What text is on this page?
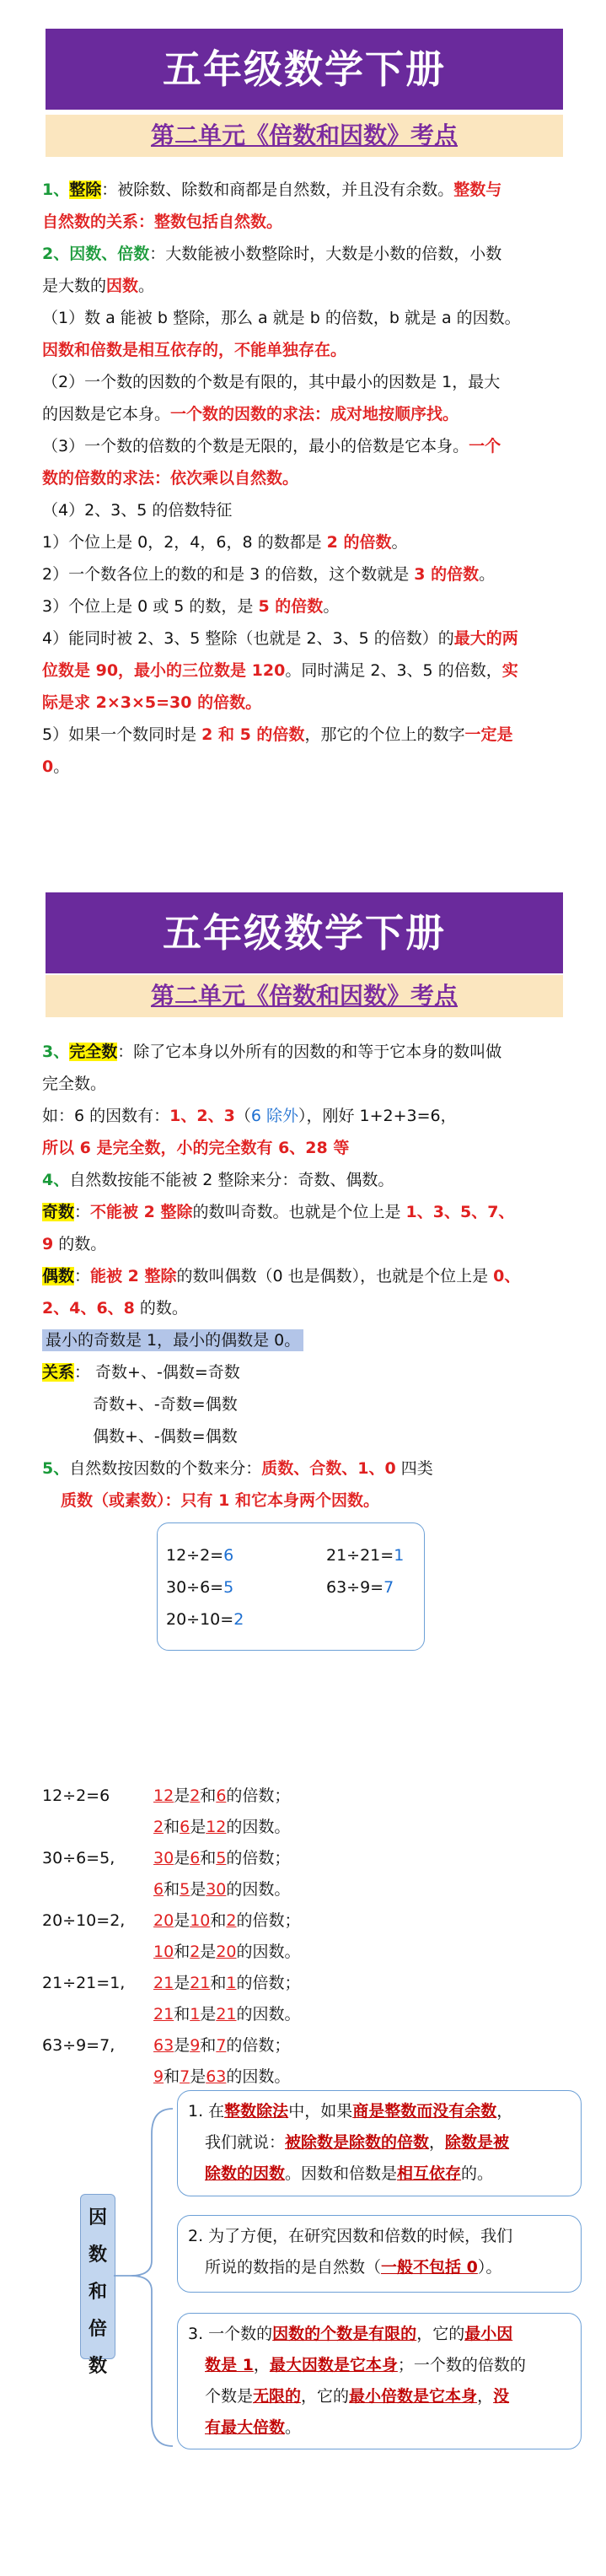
五年级数学下册
第二单元《倍数和因数》考点
1、整除：被除数、除数和商都是自然数，并且没有余数。整数与
自然数的关系：整数包括自然数。
2、因数、倍数：大数能被小数整除时，大数是小数的倍数，小数
是大数的因数。
（1）数 a 能被 b 整除，那么 a 就是 b 的倍数，b 就是 a 的因数。
因数和倍数是相互依存的，不能单独存在。
（2）一个数的因数的个数是有限的，其中最小的因数是 1，最大
的因数是它本身。一个数的因数的求法：成对地按顺序找。
（3）一个数的倍数的个数是无限的，最小的倍数是它本身。一个
数的倍数的求法：依次乘以自然数。
（4）2、3、5 的倍数特征
1）个位上是 0，2，4，6，8 的数都是 2 的倍数。
2）一个数各位上的数的和是 3 的倍数，这个数就是 3 的倍数。
3）个位上是 0 或 5 的数，是 5 的倍数。
4）能同时被 2、3、5 整除（也就是 2、3、5 的倍数）的最大的两
位数是 90，最小的三位数是 120。同时满足 2、3、5 的倍数，实
际是求 2×3×5=30 的倍数。
5）如果一个数同时是 2 和 5 的倍数，那它的个位上的数字一定是
0。
五年级数学下册
第二单元《倍数和因数》考点
3、完全数：除了它本身以外所有的因数的和等于它本身的数叫做
完全数。
如：6 的因数有：1、2、3（6 除外），刚好 1+2+3=6，
所以 6 是完全数，小的完全数有 6、28 等
4、自然数按能不能被 2 整除来分：奇数、偶数。
奇数：不能被 2 整除的数叫奇数。也就是个位上是 1、3、5、7、
9 的数。
偶数：能被 2 整除的数叫偶数（0 也是偶数），也就是个位上是 0、
2、4、6、8 的数。
最小的奇数是 1，最小的偶数是 0。
关系： 奇数+、-偶数=奇数
奇数+、-奇数=偶数
偶数+、-偶数=偶数
5、自然数按因数的个数来分：质数、合数、1、0 四类
质数（或素数）：只有 1 和它本身两个因数。
12÷2=6	21÷21=1
30÷6=5	63÷9=7
20÷10=2
12÷2=6	12是2和6的倍数；
2和6是12的因数。
30÷6=5, 30是6和5的倍数；
6和5是30的因数。
20÷10=2, 20是10和2的倍数；
10和2是20的因数。
21÷21=1, 21是21和1的倍数；
21和1是21的因数。
63÷9=7, 63是9和7的倍数；
9和7是63的因数。
因
数
和
倍
数
1. 在整数除法中，如果商是整数而没有余数，
我们就说：被除数是除数的倍数，除数是被
除数的因数。因数和倍数是相互依存的。
2. 为了方便，在研究因数和倍数的时候，我们
所说的数指的是自然数（一般不包括 0）。
3. 一个数的因数的个数是有限的，它的最小因
数是 1，最大因数是它本身；一个数的倍数的
个数是无限的，它的最小倍数是它本身，没
有最大倍数。
